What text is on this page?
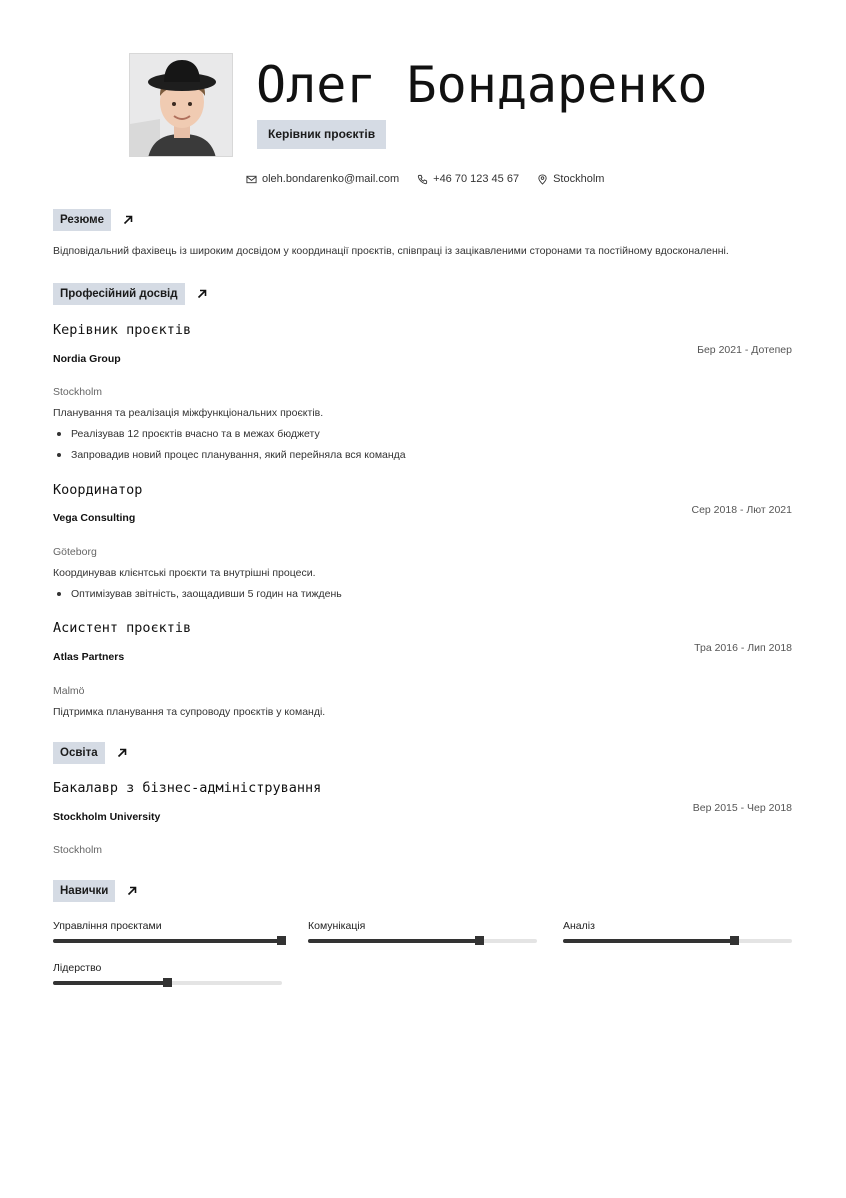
Олег Бондаренко
Керівник проєктів
oleh.bondarenko@mail.com	+46 70 123 45 67	Stockholm
Резюме
Відповідальний фахівець із широким досвідом у координації проєктів, співпраці із зацікавленими сторонами та постійному вдосконаленні.
Професійний досвід
Керівник проєктів
Бер 2021 - Дотепер
Nordia Group
Stockholm
Планування та реалізація міжфункціональних проєктів.
Реалізував 12 проєктів вчасно та в межах бюджету
Запровадив новий процес планування, який перейняла вся команда
Координатор
Сер 2018 - Лют 2021
Vega Consulting
Göteborg
Координував клієнтські проєкти та внутрішні процеси.
Оптимізував звітність, заощадивши 5 годин на тиждень
Асистент проєктів
Тра 2016 - Лип 2018
Atlas Partners
Malmö
Підтримка планування та супроводу проєктів у команді.
Освіта
Бакалавр з бізнес-адміністрування
Вер 2015 - Чер 2018
Stockholm University
Stockholm
Навички
Управління проєктами	Комунікація	Аналіз
Лідерство
